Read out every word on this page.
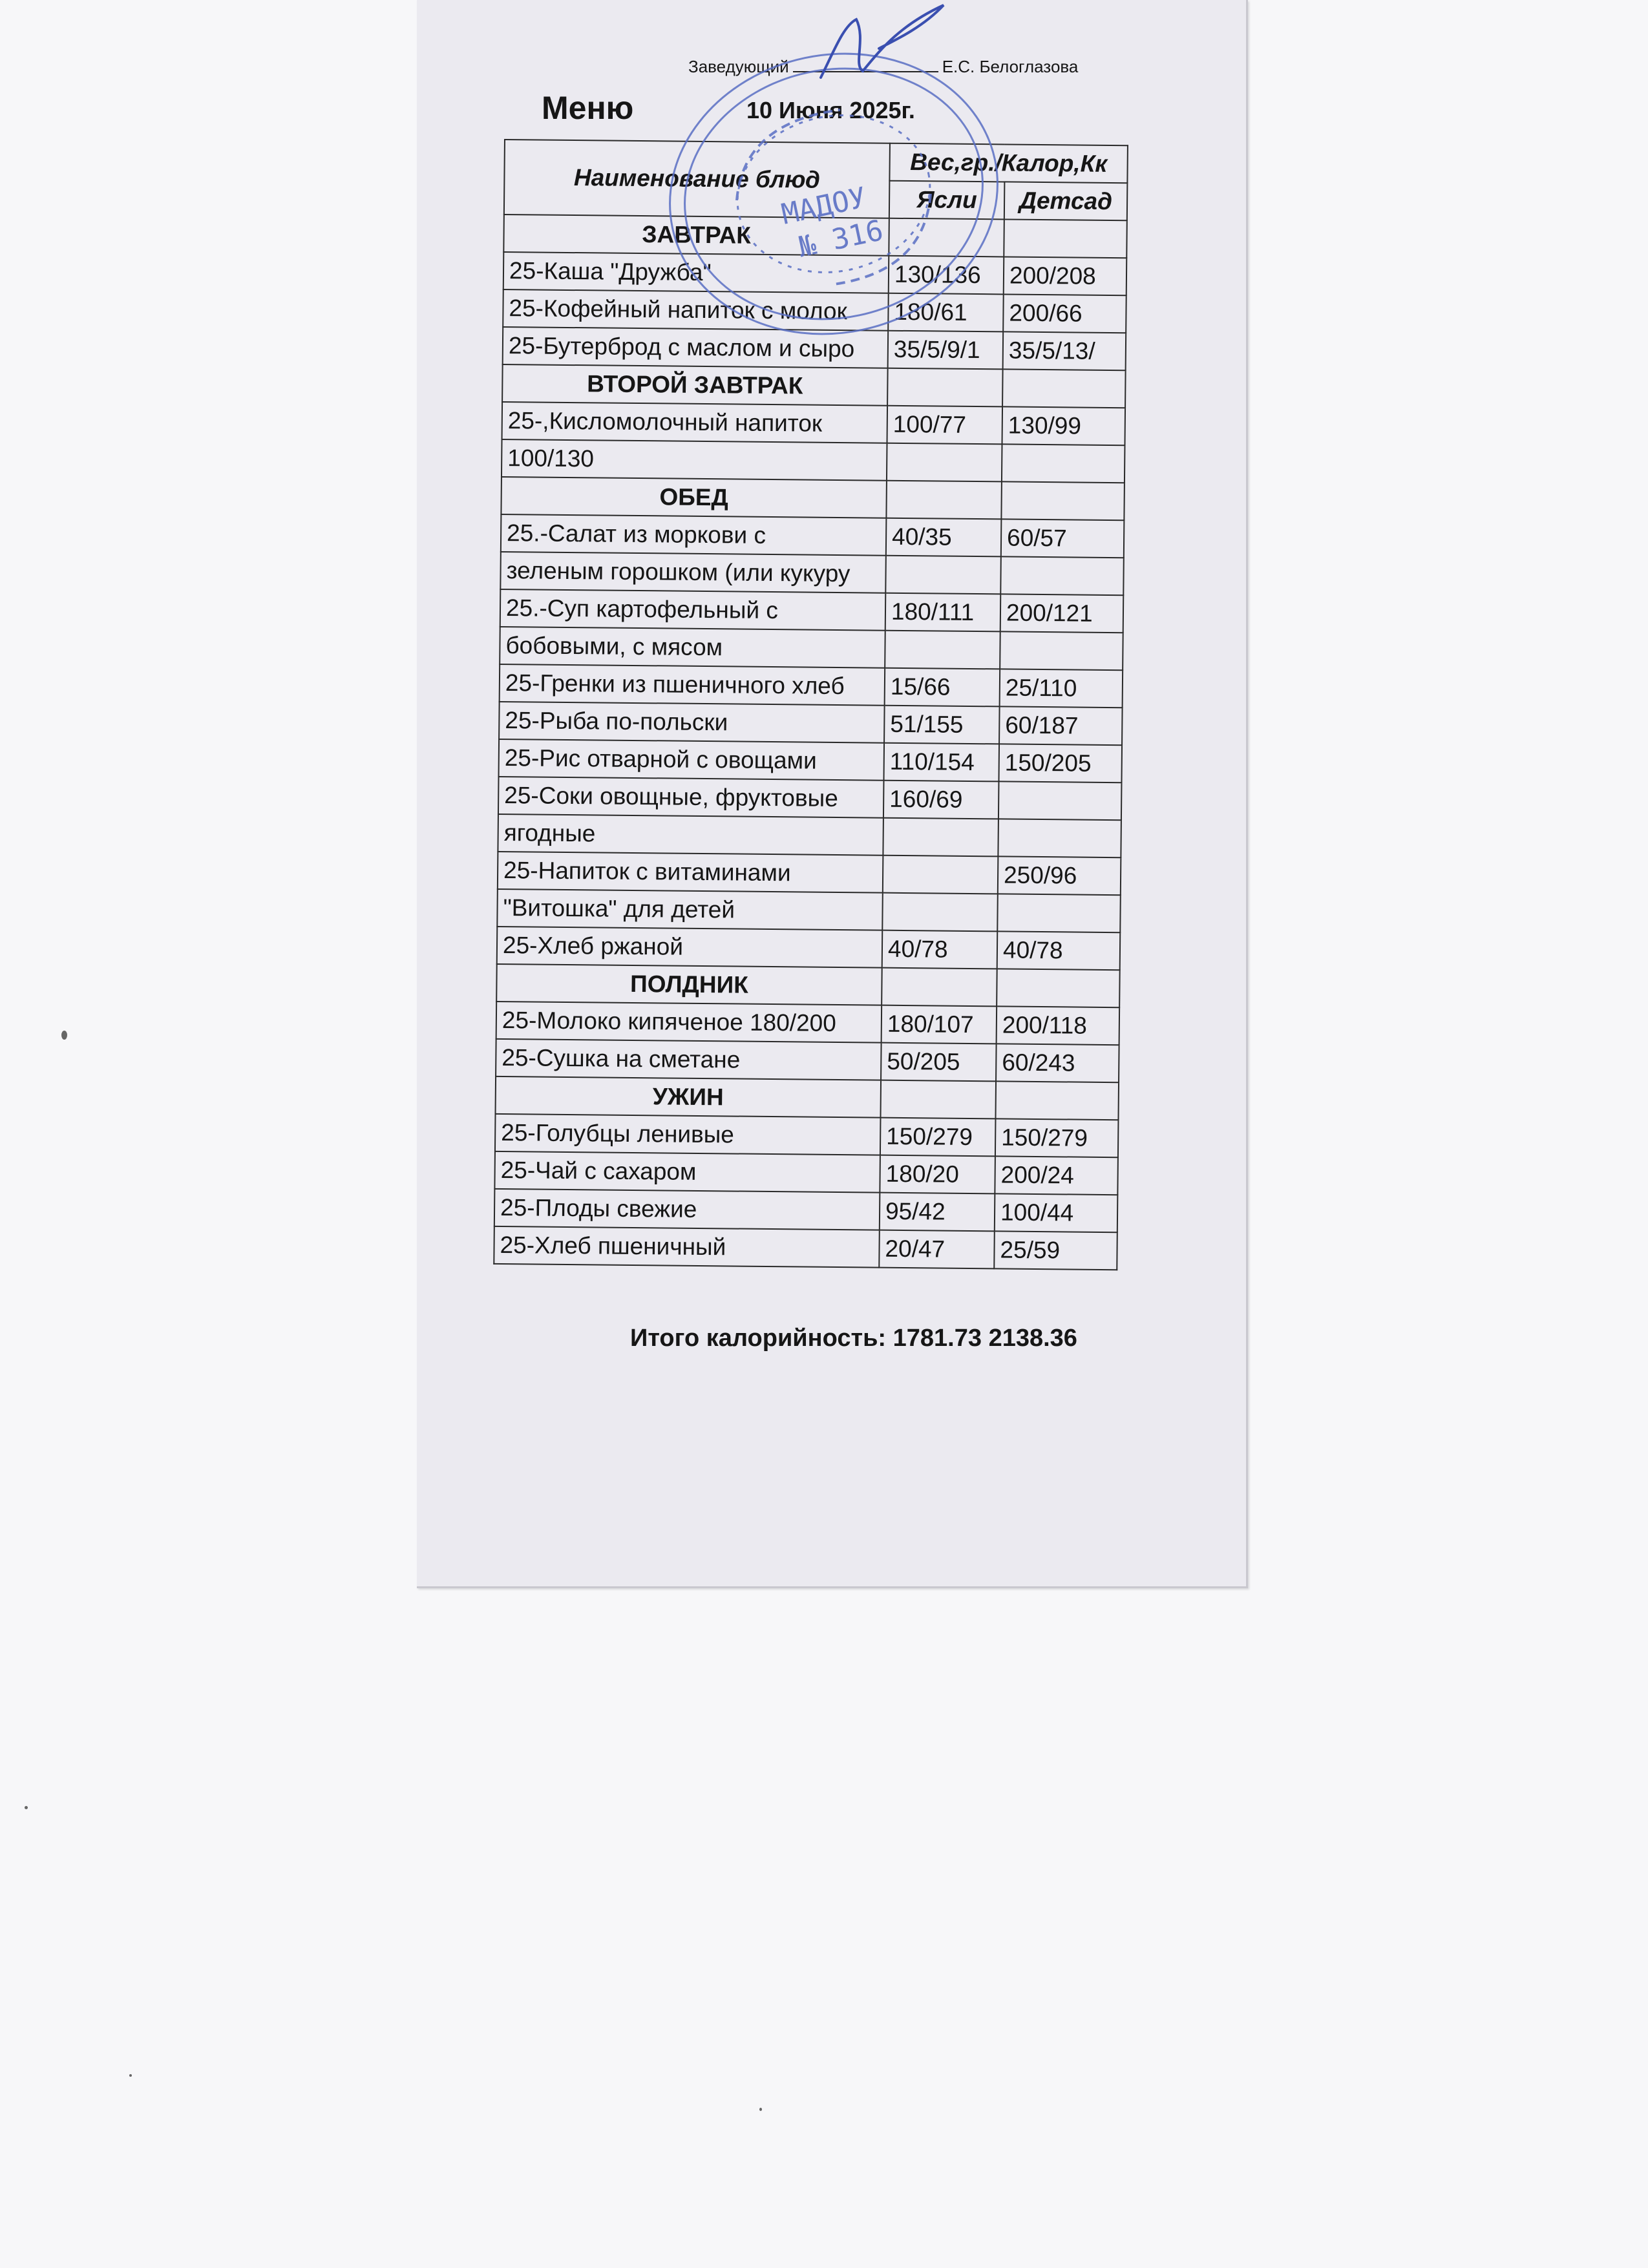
Заведующий	Е.С. Белоглазова
Меню	10 Июня 2025г.
Наименование блюд	Вес,гр./Калор,Кк	
	Ясли	Детсад
ЗАВТРАК		
25-Каша "Дружба"	130/136	200/208
25-Кофейный напиток с молок	180/61	200/66
25-Бутерброд с маслом и сыро	35/5/9/1	35/5/13/
ВТОРОЙ ЗАВТРАК		
25-,Кисломолочный напиток	100/77	130/99
100/130		
ОБЕД		
25.-Салат из моркови с	40/35	60/57
зеленым горошком (или кукуру		
25.-Суп картофельный с	180/111	200/121
бобовыми, с мясом		
25-Гренки из пшеничного хлеб	15/66	25/110
25-Рыба по-польски	51/155	60/187
25-Рис отварной с овощами	110/154	150/205
25-Соки овощные, фруктовые	160/69	
ягодные		
25-Напиток с витаминами		250/96
"Витошка" для детей		
25-Хлеб ржаной	40/78	40/78
ПОЛДНИК		
25-Молоко кипяченое 180/200	180/107	200/118
25-Сушка на сметане	50/205	60/243
УЖИН		
25-Голубцы ленивые	150/279	150/279
25-Чай с сахаром	180/20	200/24
25-Плоды свежие	95/42	100/44
25-Хлеб пшеничный	20/47	25/59
Итого калорийность: 1781.73 2138.36
МАДОУ
№ 316
